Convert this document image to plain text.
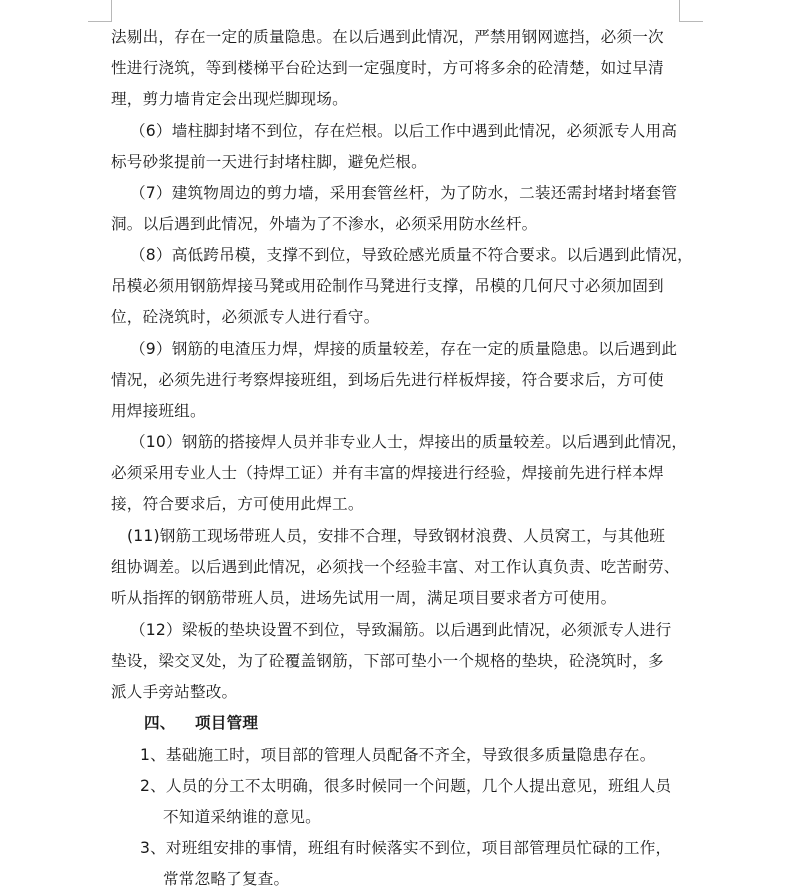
法剔出，存在一定的质量隐患。在以后遇到此情况，严禁用钢网遮挡，必须一次
性进行浇筑，等到楼梯平台砼达到一定强度时，方可将多余的砼清楚，如过早清
理，剪力墙肯定会出现烂脚现场。
（6）墙柱脚封堵不到位，存在烂根。以后工作中遇到此情况，必须派专人用高
标号砂浆提前一天进行封堵柱脚，避免烂根。
（7）建筑物周边的剪力墙，采用套管丝杆，为了防水，二装还需封堵封堵套管
洞。以后遇到此情况，外墙为了不渗水，必须采用防水丝杆。
（8）高低跨吊模，支撑不到位，导致砼感光质量不符合要求。以后遇到此情况，
吊模必须用钢筋焊接马凳或用砼制作马凳进行支撑，吊模的几何尺寸必须加固到
位，砼浇筑时，必须派专人进行看守。
（9）钢筋的电渣压力焊，焊接的质量较差，存在一定的质量隐患。以后遇到此
情况，必须先进行考察焊接班组，到场后先进行样板焊接，符合要求后，方可使
用焊接班组。
（10）钢筋的搭接焊人员并非专业人士，焊接出的质量较差。以后遇到此情况，
必须采用专业人士（持焊工证）并有丰富的焊接进行经验，焊接前先进行样本焊
接，符合要求后，方可使用此焊工。
(11)钢筋工现场带班人员，安排不合理，导致钢材浪费、人员窝工，与其他班
组协调差。以后遇到此情况，必须找一个经验丰富、对工作认真负责、吃苦耐劳、
听从指挥的钢筋带班人员，进场先试用一周，满足项目要求者方可使用。
（12）梁板的垫块设置不到位，导致漏筋。以后遇到此情况，必须派专人进行
垫设，梁交叉处，为了砼覆盖钢筋，下部可垫小一个规格的垫块，砼浇筑时，多
派人手旁站整改。
四、 项目管理
1、基础施工时，项目部的管理人员配备不齐全，导致很多质量隐患存在。
2、人员的分工不太明确，很多时候同一个问题，几个人提出意见，班组人员
不知道采纳谁的意见。
3、对班组安排的事情，班组有时候落实不到位，项目部管理员忙碌的工作，
常常忽略了复查。
